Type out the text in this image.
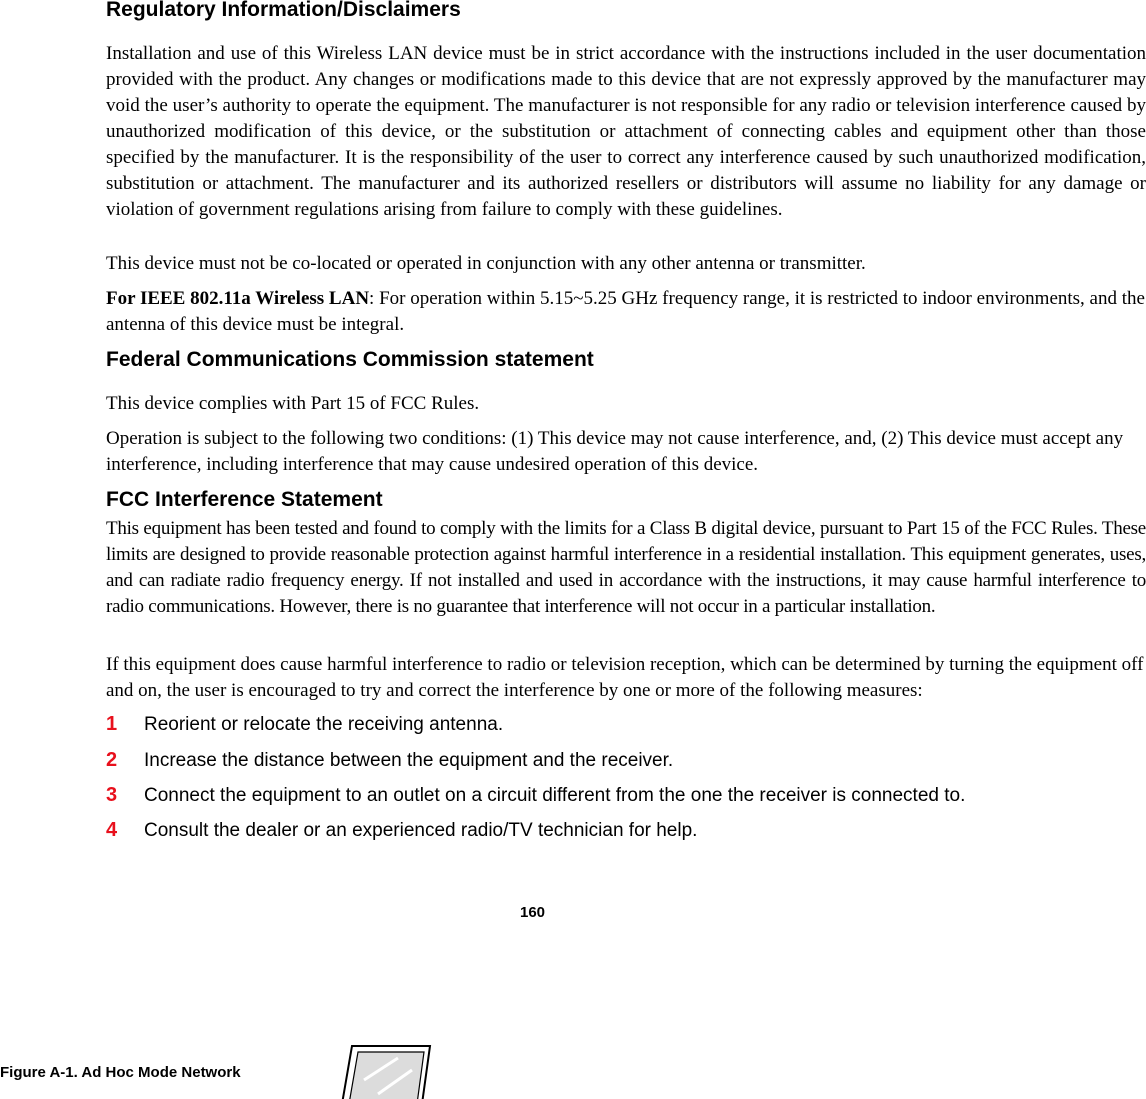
Regulatory Information/Disclaimers

Installation and use of this Wireless LAN device must be in strict accordance with the instructions included in the user documentation provided with the product. Any changes or modifications made to this device that are not expressly approved by the manufacturer may void the user’s authority to operate the equipment. The manufacturer is not responsible for any radio or television interference caused by unauthorized modification of this device, or the substitution or attachment of connecting cables and equipment other than those specified by the manufacturer. It is the responsibility of the user to correct any interference caused by such unauthorized modification, substitution or attachment. The manufacturer and its authorized resellers or distributors will assume no liability for any damage or violation of government regulations arising from failure to comply with these guidelines.

This device must not be co-located or operated in conjunction with any other antenna or transmitter.

For IEEE 802.11a Wireless LAN: For operation within 5.15~5.25 GHz frequency range, it is restricted to indoor environments, and the antenna of this device must be integral.

Federal Communications Commission statement

This device complies with Part 15 of FCC Rules.

Operation is subject to the following two conditions: (1) This device may not cause interference, and, (2) This device must accept any interference, including interference that may cause undesired operation of this device.

FCC Interference Statement

This equipment has been tested and found to comply with the limits for a Class B digital device, pursuant to Part 15 of the FCC Rules. These limits are designed to provide reasonable protection against harmful interference in a residential installation. This equipment generates, uses, and can radiate radio frequency energy. If not installed and used in accordance with the instructions, it may cause harmful interference to radio communications. However, there is no guarantee that interference will not occur in a particular installation.

If this equipment does cause harmful interference to radio or television reception, which can be determined by turning the equipment off and on, the user is encouraged to try and correct the interference by one or more of the following measures:

1 Reorient or relocate the receiving antenna.
2 Increase the distance between the equipment and the receiver.
3 Connect the equipment to an outlet on a circuit different from the one the receiver is connected to.
4 Consult the dealer or an experienced radio/TV technician for help.
160
Figure A-1. Ad Hoc Mode Network
